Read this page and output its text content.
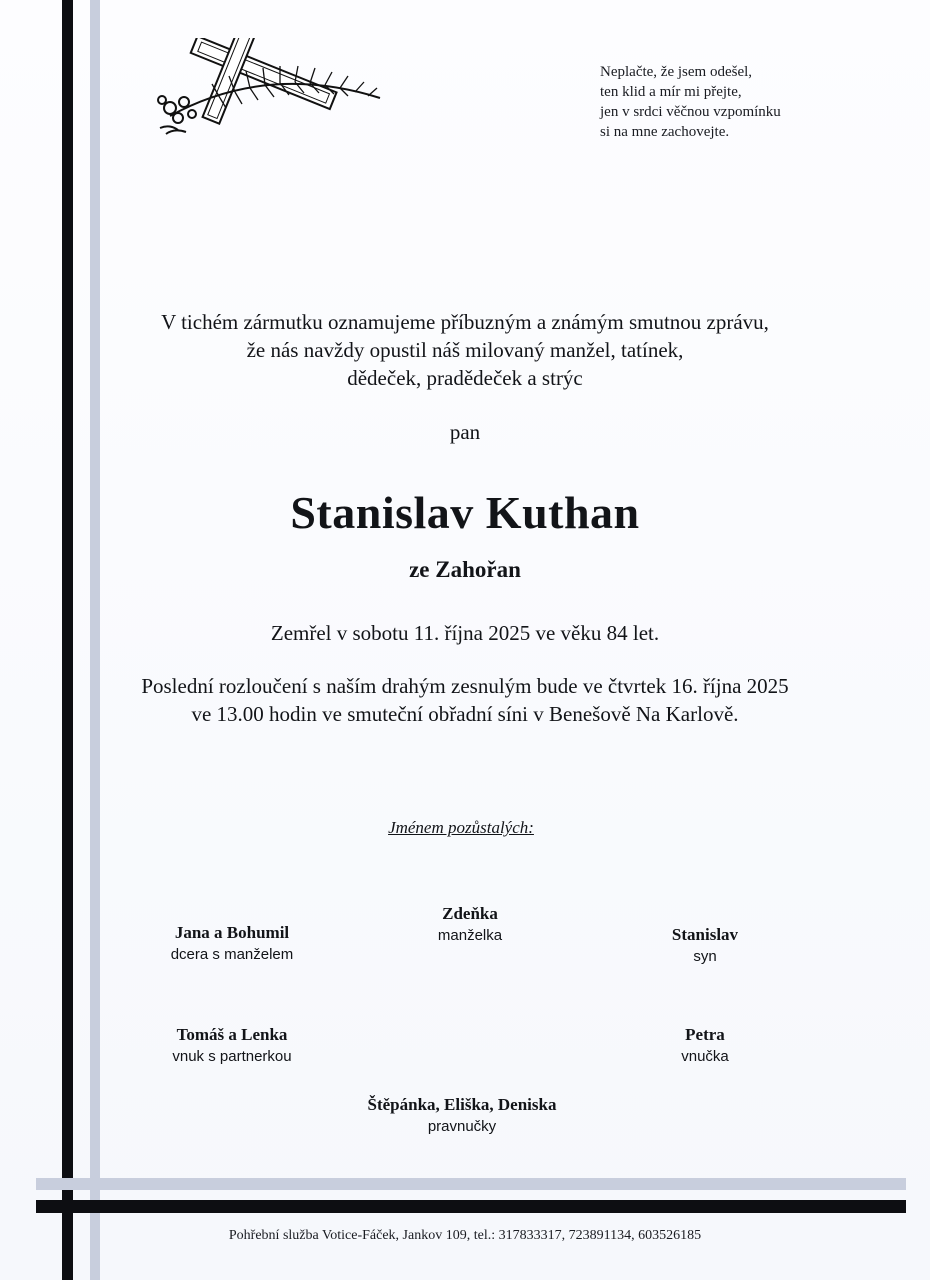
Neplačte, že jsem odešel,
ten klid a mír mi přejte,
jen v srdci věčnou vzpomínku
si na mne zachovejte.
V tichém zármutku oznamujeme příbuzným a známým smutnou zprávu,
že nás navždy opustil náš milovaný manžel, tatínek,
dědeček, pradědeček a strýc
pan
Stanislav Kuthan
ze Zahořan
Zemřel v sobotu 11. října 2025 ve věku 84 let.
Poslední rozloučení s naším drahým zesnulým bude ve čtvrtek 16. října 2025
ve 13.00 hodin ve smuteční obřadní síni v Benešově Na Karlově.
Jménem pozůstalých:
Zdeňka
manželka
Jana a Bohumil
dcera s manželem
Stanislav
syn
Tomáš a Lenka
vnuk s partnerkou
Petra
vnučka
Štěpánka, Eliška, Deniska
pravnučky
Pohřební služba Votice-Fáček, Jankov 109, tel.: 317833317, 723891134, 603526185
